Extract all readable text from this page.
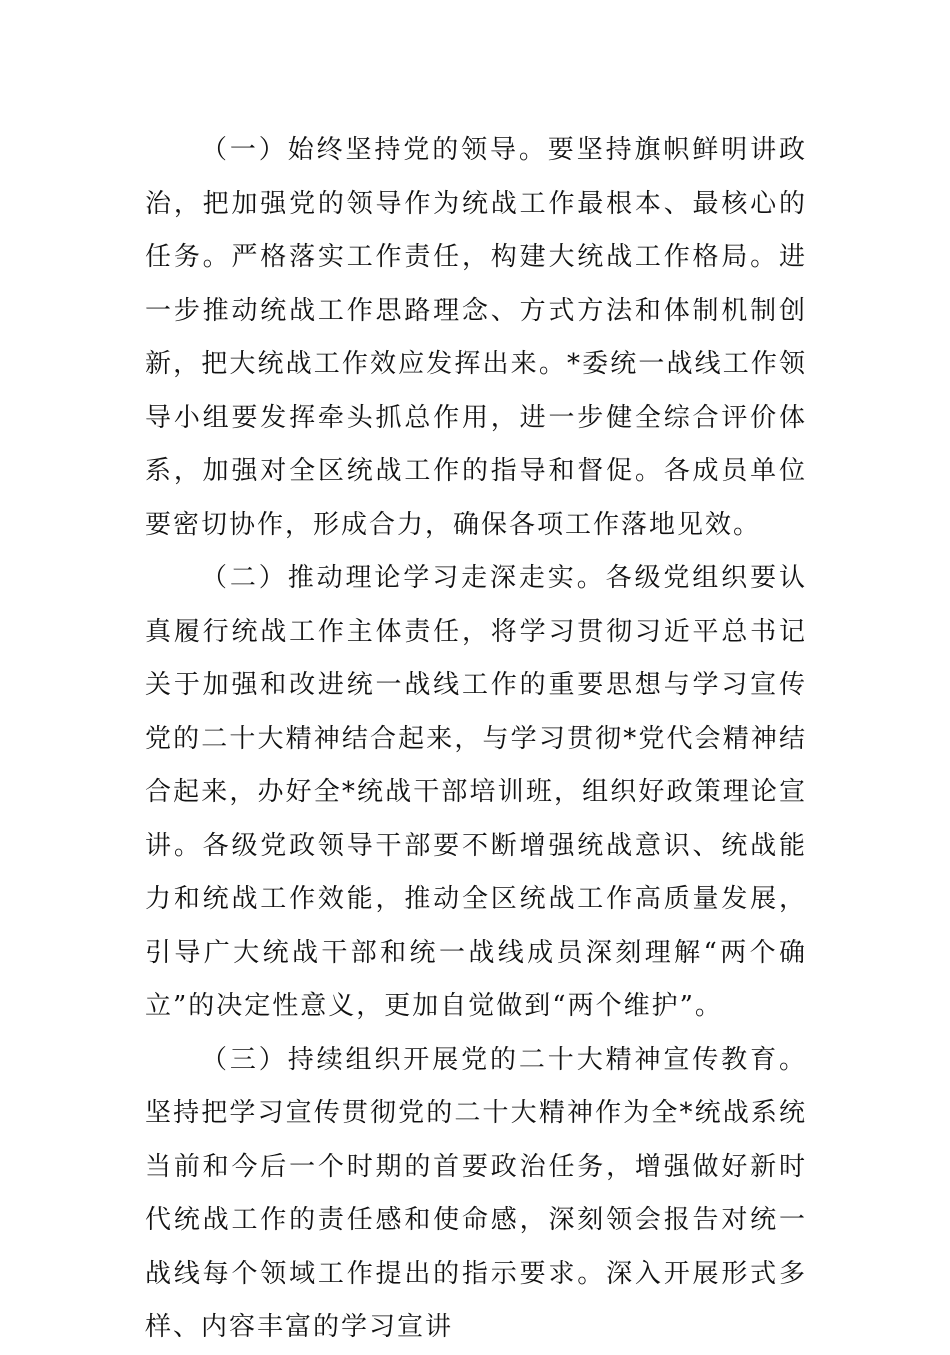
（一）始终坚持党的领导。要坚持旗帜鲜明讲政治，把加强党的领导作为统战工作最根本、最核心的任务。严格落实工作责任，构建大统战工作格局。进一步推动统战工作思路理念、方式方法和体制机制创新，把大统战工作效应发挥出来。*委统一战线工作领导小组要发挥牵头抓总作用，进一步健全综合评价体系，加强对全区统战工作的指导和督促。各成员单位要密切协作，形成合力，确保各项工作落地见效。

（二）推动理论学习走深走实。各级党组织要认真履行统战工作主体责任，将学习贯彻习近平总书记关于加强和改进统一战线工作的重要思想与学习宣传党的二十大精神结合起来，与学习贯彻*党代会精神结合起来，办好全*统战干部培训班，组织好政策理论宣讲。各级党政领导干部要不断增强统战意识、统战能力和统战工作效能，推动全区统战工作高质量发展，引导广大统战干部和统一战线成员深刻理解“两个确立”的决定性意义，更加自觉做到“两个维护”。

（三）持续组织开展党的二十大精神宣传教育。坚持把学习宣传贯彻党的二十大精神作为全*统战系统当前和今后一个时期的首要政治任务，增强做好新时代统战工作的责任感和使命感，深刻领会报告对统一战线每个领域工作提出的指示要求。深入开展形式多样、内容丰富的学习宣讲
